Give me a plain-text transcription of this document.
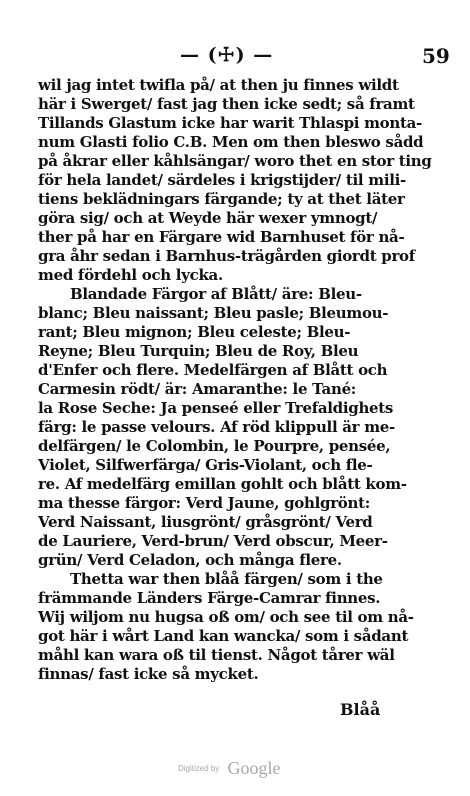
— (☩) —	59
wil jag intet twifla på/ at then ju finnes wildt
här i Swerget/ fast jag then icke sedt; så framt
Tillands Glastum icke har warit Thlaspi monta-
num Glasti folio C.B. Men om then bleswo sådd
på åkrar eller kåhlsängar/ woro thet en stor ting
för hela landet/ särdeles i krigstijder/ til mili-
tiens beklädningars färgande; ty at thet läter
göra sig/ och at Weyde här wexer ymnogt/
ther på har en Färgare wid Barnhuset för nå-
gra åhr sedan i Barnhus-trägården giordt prof
med fördehl och lycka.
Blandade Färgor af Blått/ äre: Bleu-
blanc; Bleu naissant; Bleu pasle; Bleumou-
rant; Bleu mignon; Bleu celeste; Bleu-
Reyne; Bleu Turquin; Bleu de Roy, Bleu
d'Enfer och flere. Medelfärgen af Blått och
Carmesin rödt/ är: Amaranthe: le Tané:
la Rose Seche: Ja penseé eller Trefaldighets
färg: le passe velours. Af röd klippull är me-
delfärgen/ le Colombin, le Pourpre, pensée,
Violet, Silfwerfärga/ Gris-Violant, och fle-
re. Af medelfärg emillan gohlt och blått kom-
ma thesse färgor: Verd Jaune, gohlgrönt:
Verd Naissant, liusgrönt/ gråsgrönt/ Verd
de Lauriere, Verd-brun/ Verd obscur, Meer-
grün/ Verd Celadon, och många flere.
Thetta war then blåå färgen/ som i the
främmande Länders Färge-Camrar finnes.
Wij wiljom nu hugsa oß om/ och see til om nå-
got här i wårt Land kan wancka/ som i sådant
måhl kan wara oß til tienst. Något tårer wäl
finnas/ fast icke så mycket.
Blåå
Digitized by Google
